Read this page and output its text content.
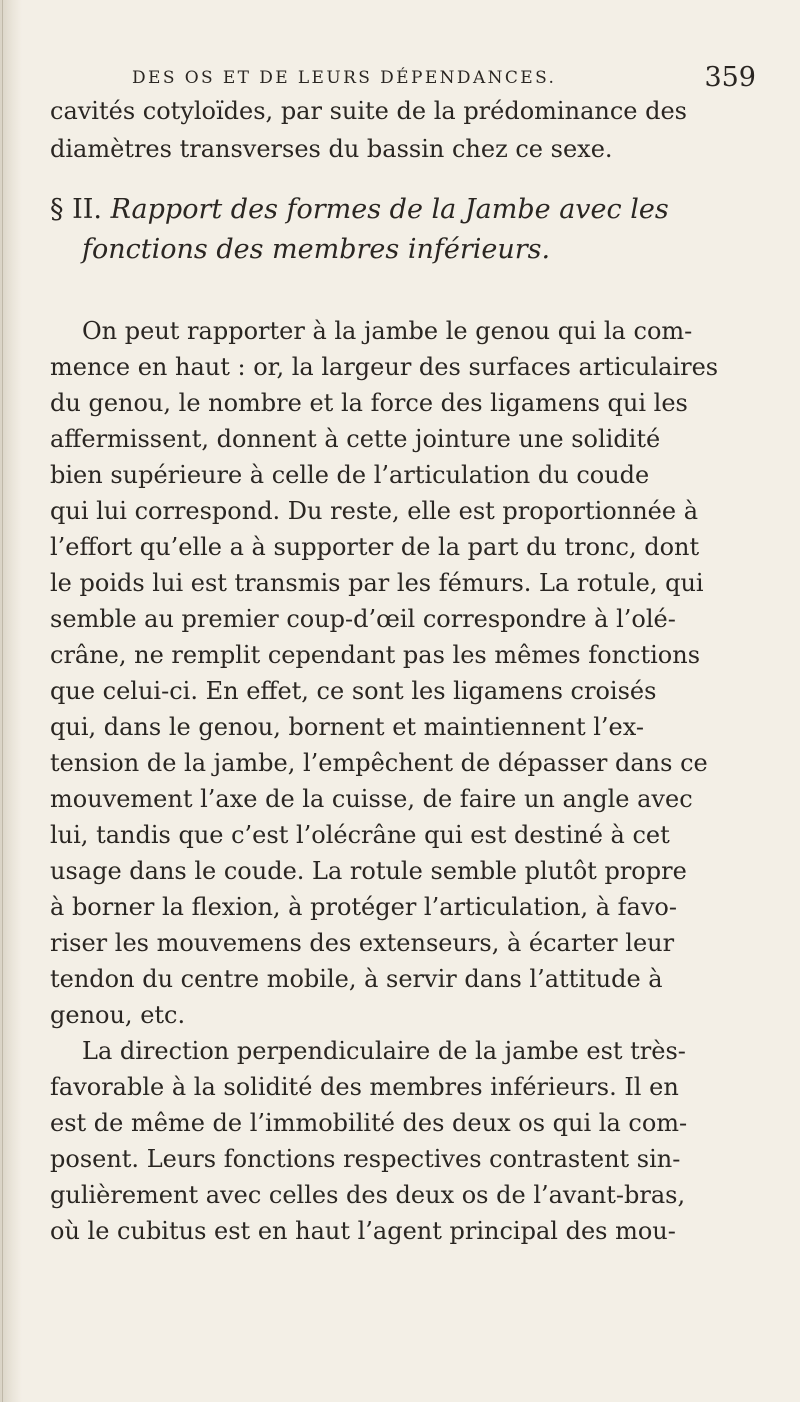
DES OS ET DE LEURS DÉPENDANCES.	359
cavités cotyloïdes, par suite de la prédominance des
diamètres transverses du bassin chez ce sexe.
§ II. Rapport des formes de la Jambe avec les
fonctions des membres inférieurs.
On peut rapporter à la jambe le genou qui la com-
mence en haut : or, la largeur des surfaces articulaires
du genou, le nombre et la force des ligamens qui les
affermissent, donnent à cette jointure une solidité
bien supérieure à celle de l’articulation du coude
qui lui correspond. Du reste, elle est proportionnée à
l’effort qu’elle a à supporter de la part du tronc, dont
le poids lui est transmis par les fémurs. La rotule, qui
semble au premier coup-d’œil correspondre à l’olé-
crâne, ne remplit cependant pas les mêmes fonctions
que celui-ci. En effet, ce sont les ligamens croisés
qui, dans le genou, bornent et maintiennent l’ex-
tension de la jambe, l’empêchent de dépasser dans ce
mouvement l’axe de la cuisse, de faire un angle avec
lui, tandis que c’est l’olécrâne qui est destiné à cet
usage dans le coude. La rotule semble plutôt propre
à borner la flexion, à protéger l’articulation, à favo-
riser les mouvemens des extenseurs, à écarter leur
tendon du centre mobile, à servir dans l’attitude à
genou, etc.
La direction perpendiculaire de la jambe est très-
favorable à la solidité des membres inférieurs. Il en
est de même de l’immobilité des deux os qui la com-
posent. Leurs fonctions respectives contrastent sin-
gulièrement avec celles des deux os de l’avant-bras,
où le cubitus est en haut l’agent principal des mou-
